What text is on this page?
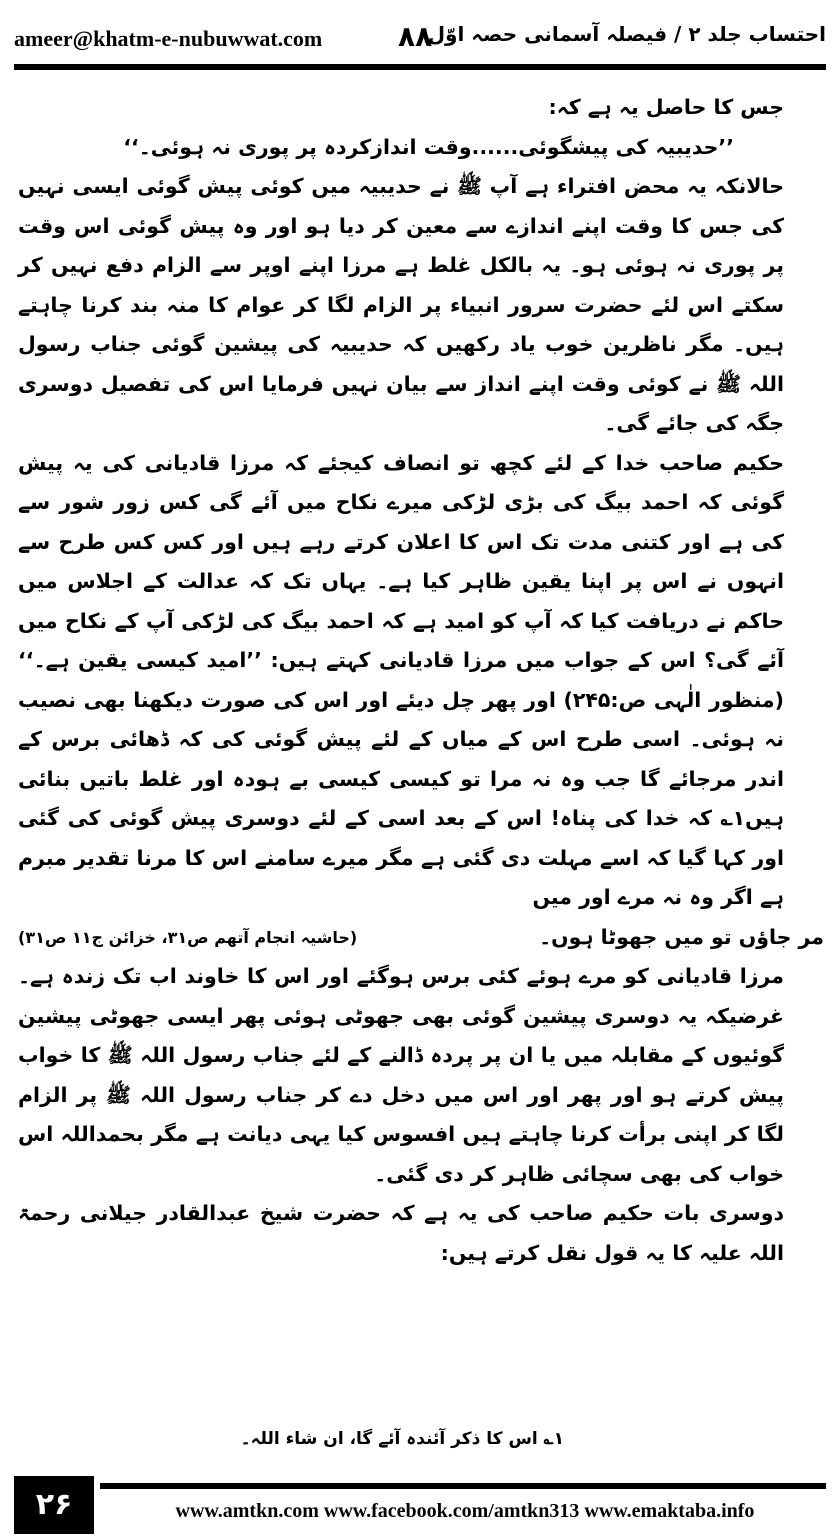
ameer@khatm-e-nubuwwat.com	۸۸
احتساب جلد ۲ / فیصلہ آسمانی حصہ اوّل

جس کا حاصل یہ ہے کہ:

’’حدیبیہ کی پیشگوئی......وقت اندازکردہ پر پوری نہ ہوئی۔‘‘

حالانکہ یہ محض افتراء ہے آپ ﷺ نے حدیبیہ میں کوئی پیش گوئی ایسی نہیں کی جس کا وقت اپنے اندازے سے معین کر دیا ہو اور وہ پیش گوئی اس وقت پر پوری نہ ہوئی ہو۔ یہ بالکل غلط ہے مرزا اپنے اوپر سے الزام دفع نہیں کر سکتے اس لئے حضرت سرور انبیاء پر الزام لگا کر عوام کا منہ بند کرنا چاہتے ہیں۔ مگر ناظرین خوب یاد رکھیں کہ حدیبیہ کی پیشین گوئی جناب رسول اللہ ﷺ نے کوئی وقت اپنے انداز سے بیان نہیں فرمایا اس کی تفصیل دوسری جگہ کی جائے گی۔

حکیم صاحب خدا کے لئے کچھ تو انصاف کیجئے کہ مرزا قادیانی کی یہ پیش گوئی کہ احمد بیگ کی بڑی لڑکی میرے نکاح میں آئے گی کس زور شور سے کی ہے اور کتنی مدت تک اس کا اعلان کرتے رہے ہیں اور کس کس طرح سے انہوں نے اس پر اپنا یقین ظاہر کیا ہے۔ یہاں تک کہ عدالت کے اجلاس میں حاکم نے دریافت کیا کہ آپ کو امید ہے کہ احمد بیگ کی لڑکی آپ کے نکاح میں آئے گی؟ اس کے جواب میں مرزا قادیانی کہتے ہیں: ’’امید کیسی یقین ہے۔‘‘ (منظور الٰہی ص:۲۴۵) اور پھر چل دیئے اور اس کی صورت دیکھنا بھی نصیب نہ ہوئی۔ اسی طرح اس کے میاں کے لئے پیش گوئی کی کہ ڈھائی برس کے اندر مرجائے گا جب وہ نہ مرا تو کیسی کیسی بے ہودہ اور غلط باتیں بنائی ہیں۱؎ کہ خدا کی پناہ! اس کے بعد اسی کے لئے دوسری پیش گوئی کی گئی اور کہا گیا کہ اسے مہلت دی گئی ہے مگر میرے سامنے اس کا مرنا تقدیر مبرم ہے اگر وہ نہ مرے اور میں

مر جاؤں تو میں جھوٹا ہوں۔
(حاشیہ انجام آتھم ص۳۱، خزائن ج۱۱ ص۳۱)

مرزا قادیانی کو مرے ہوئے کئی برس ہوگئے اور اس کا خاوند اب تک زندہ ہے۔ غرضیکہ یہ دوسری پیشین گوئی بھی جھوٹی ہوئی پھر ایسی جھوٹی پیشین گوئیوں کے مقابلہ میں یا ان پر پردہ ڈالنے کے لئے جناب رسول اللہ ﷺ کا خواب پیش کرتے ہو اور پھر اور اس میں دخل دے کر جناب رسول اللہ ﷺ پر الزام لگا کر اپنی برأت کرنا چاہتے ہیں افسوس کیا یہی دیانت ہے مگر بحمداللہ اس خواب کی بھی سچائی ظاہر کر دی گئی۔

دوسری بات حکیم صاحب کی یہ ہے کہ حضرت شیخ عبدالقادر جیلانی رحمۃ اللہ علیہ کا یہ قول نقل کرتے ہیں:

۱؎ اس کا ذکر آئندہ آئے گا، ان شاء اللہ۔
۲۶	www.amtkn.com www.facebook.com/amtkn313 www.emaktaba.info
